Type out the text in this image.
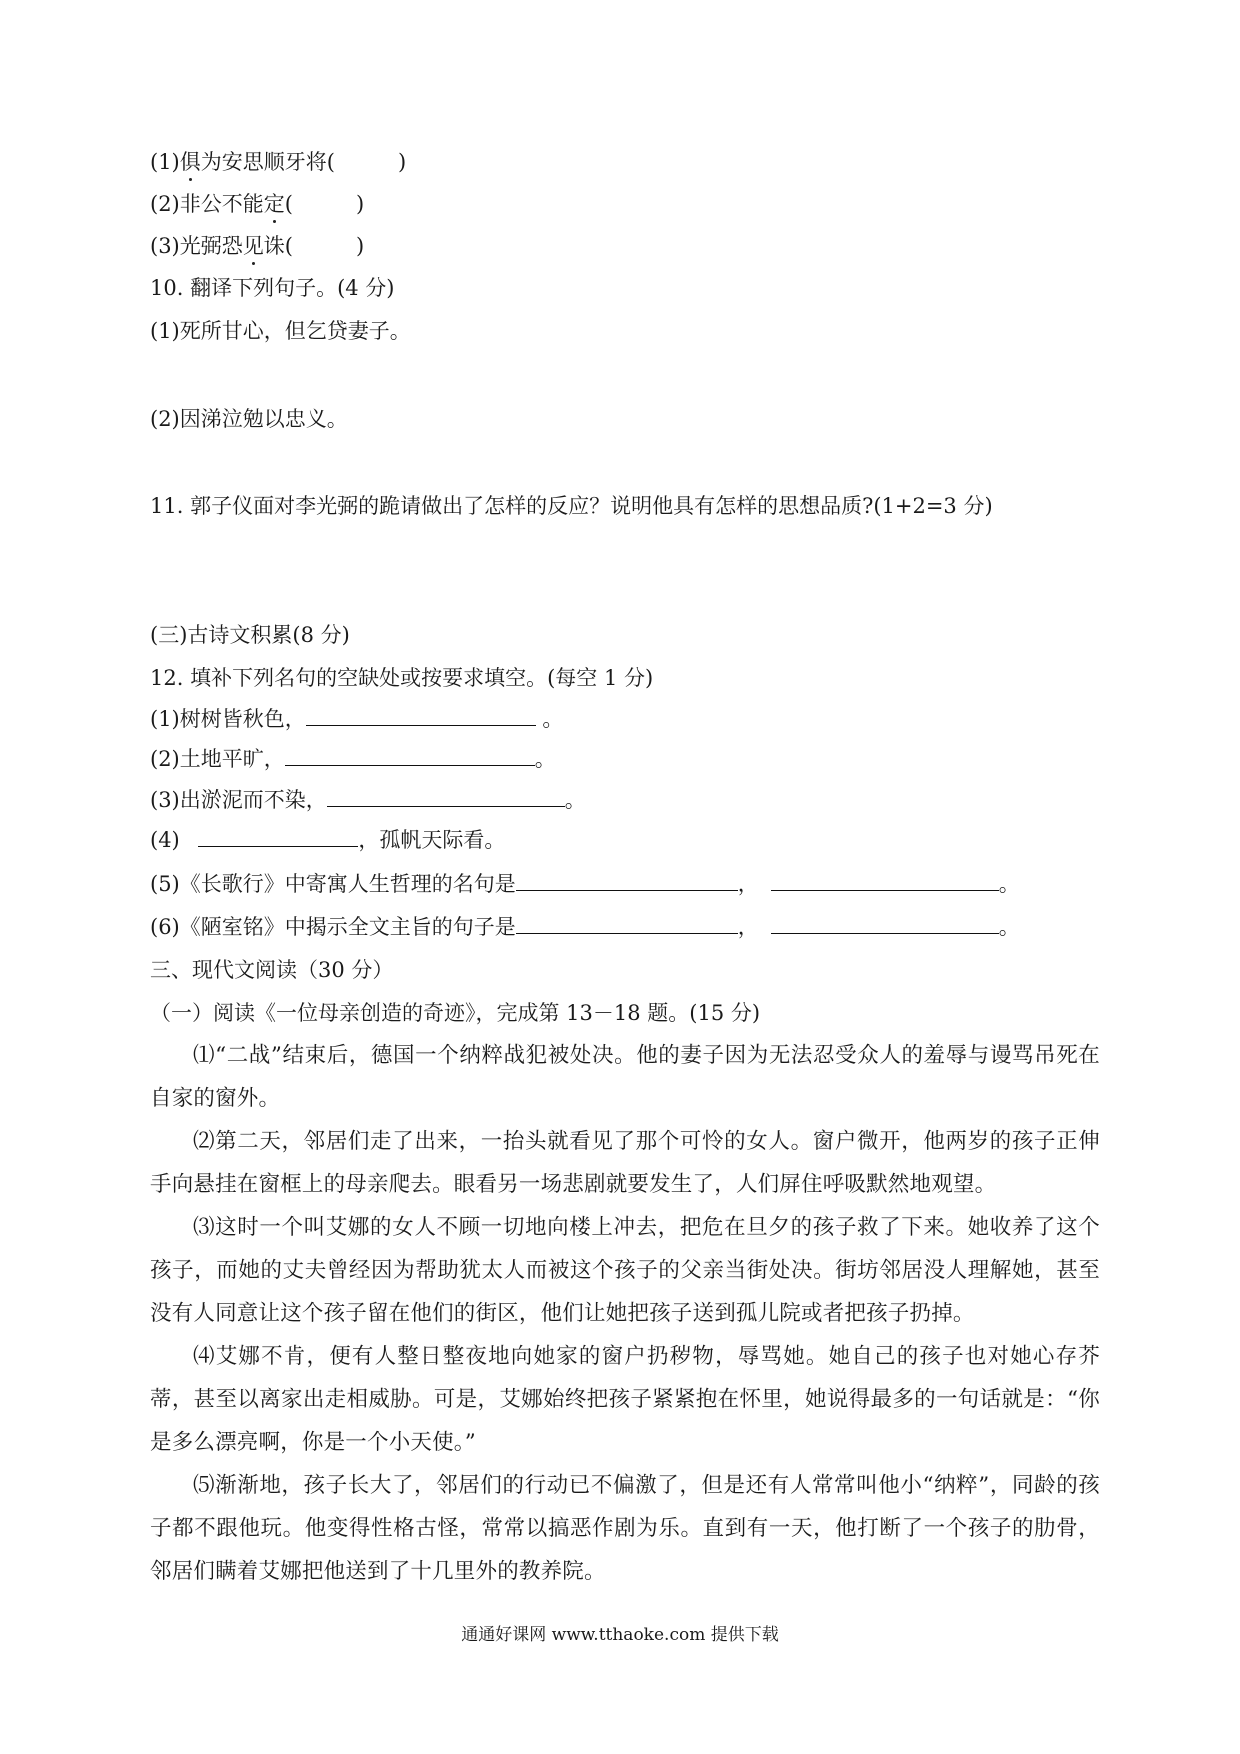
(1)俱为安思顺牙将(　　　)
(2)非公不能定(　　　)
(3)光弼恐见诛(　　　)
10. 翻译下列句子。(4 分)
(1)死所甘心，但乞贷妻子。
(2)因涕泣勉以忠义。
11. 郭子仪面对李光弼的跪请做出了怎样的反应？说明他具有怎样的思想品质?(1+2=3 分)
(三)古诗文积累(8 分)
12. 填补下列名句的空缺处或按要求填空。(每空 1 分)
(1)树树皆秋色，	。
(2)土地平旷，	。
(3)出淤泥而不染，	。
(4)	，孤帆天际看。
(5)《长歌行》中寄寓人生哲理的名句是	，	。
(6)《陋室铭》中揭示全文主旨的句子是	，	。
三、现代文阅读（30 分）
（一）阅读《一位母亲创造的奇迹》，完成第 13－18 题。(15 分)
⑴“二战”结束后，德国一个纳粹战犯被处决。他的妻子因为无法忍受众人的羞辱与谩骂吊死在自家的窗外。
⑵第二天，邻居们走了出来，一抬头就看见了那个可怜的女人。窗户微开，他两岁的孩子正伸手向悬挂在窗框上的母亲爬去。眼看另一场悲剧就要发生了，人们屏住呼吸默然地观望。
⑶这时一个叫艾娜的女人不顾一切地向楼上冲去，把危在旦夕的孩子救了下来。她收养了这个孩子，而她的丈夫曾经因为帮助犹太人而被这个孩子的父亲当街处决。街坊邻居没人理解她，甚至没有人同意让这个孩子留在他们的街区，他们让她把孩子送到孤儿院或者把孩子扔掉。
⑷艾娜不肯，便有人整日整夜地向她家的窗户扔秽物，辱骂她。她自己的孩子也对她心存芥蒂，甚至以离家出走相威胁。可是，艾娜始终把孩子紧紧抱在怀里，她说得最多的一句话就是：“你是多么漂亮啊，你是一个小天使。”
⑸渐渐地，孩子长大了，邻居们的行动已不偏激了，但是还有人常常叫他小“纳粹”，同龄的孩子都不跟他玩。他变得性格古怪，常常以搞恶作剧为乐。直到有一天，他打断了一个孩子的肋骨，邻居们瞒着艾娜把他送到了十几里外的教养院。
通通好课网 www.tthaoke.com 提供下载
